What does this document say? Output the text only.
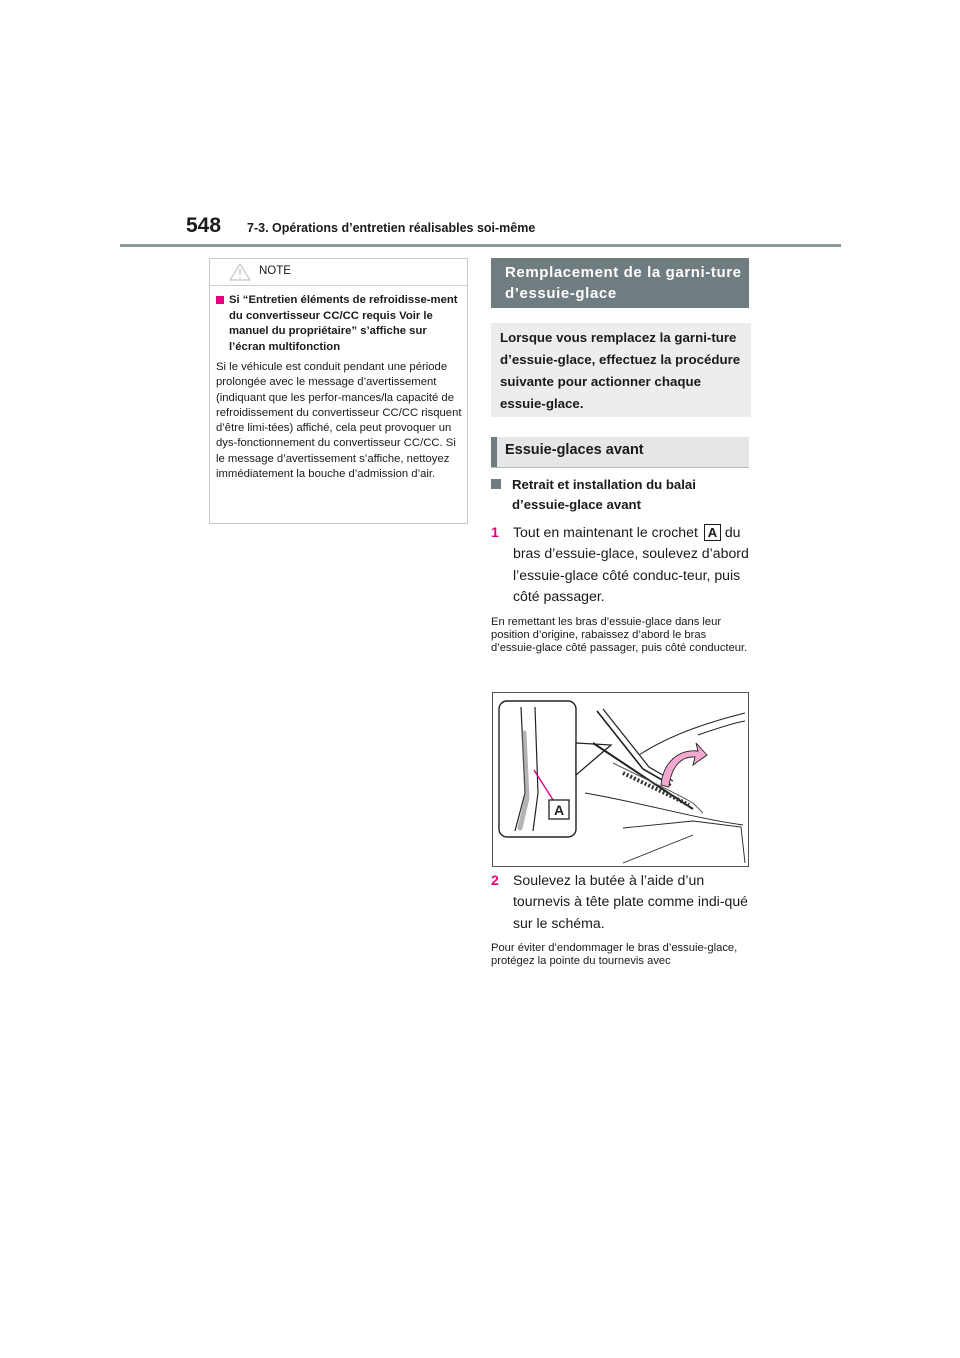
548 7-3. Opérations d’entretien réalisables soi-même
NOTE
Si “Entretien éléments de refroidisse-ment du convertisseur CC/CC requis Voir le manuel du propriétaire” s’affiche sur l’écran multifonction
Si le véhicule est conduit pendant une période prolongée avec le message d’avertissement (indiquant que les perfor-mances/la capacité de refroidissement du convertisseur CC/CC risquent d’être limi-tées) affiché, cela peut provoquer un dys-fonctionnement du convertisseur CC/CC. Si le message d’avertissement s’affiche, nettoyez immédiatement la bouche d’admission d’air.
Remplacement de la garni-ture d’essuie-glace
Lorsque vous remplacez la garni-ture d’essuie-glace, effectuez la procédure suivante pour actionner chaque essuie-glace.
Essuie-glaces avant
Retrait et installation du balai d’essuie-glace avant
1 Tout en maintenant le crochet A du bras d’essuie-glace, soulevez d’abord l’essuie-glace côté conduc-teur, puis côté passager.
En remettant les bras d’essuie-glace dans leur position d’origine, rabaissez d’abord le bras d’essuie-glace côté passager, puis côté conducteur.
A
2 Soulevez la butée à l’aide d’un tournevis à tête plate comme indi-qué sur le schéma.
Pour éviter d’endommager le bras d’essuie-glace, protégez la pointe du tournevis avec
